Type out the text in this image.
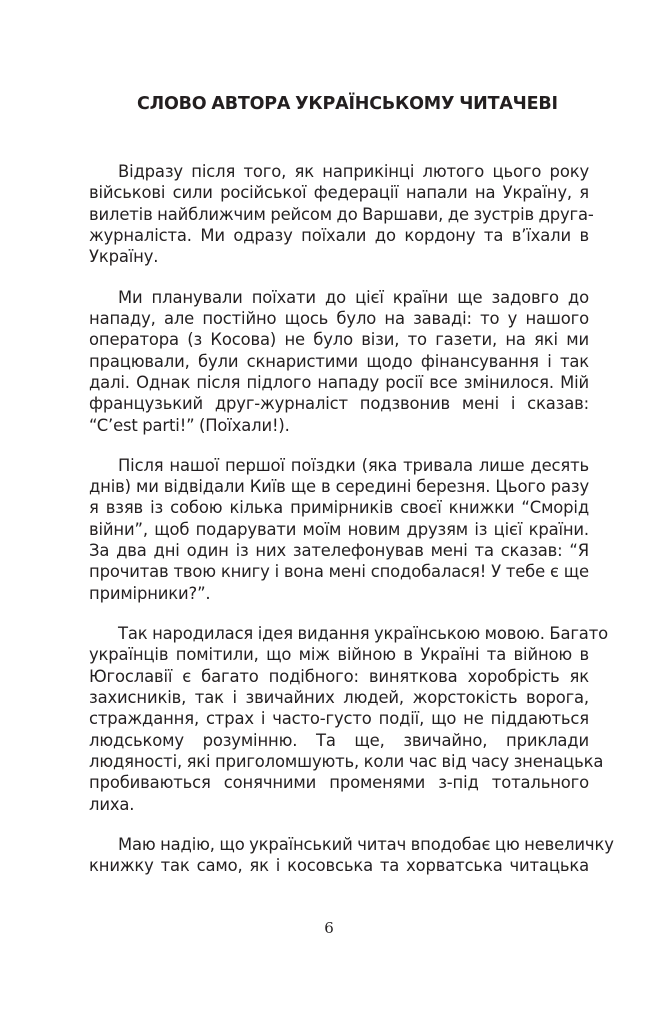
СЛОВО АВТОРА УКРАЇНСЬКОМУ ЧИТАЧЕВІ
Відразу після того, як наприкінці лютого цього року
військові сили російської федерації напали на Україну, я
вилетів найближчим рейсом до Варшави, де зустрів друга-
журналіста. Ми одразу поїхали до кордону та в’їхали в
Україну.
Ми планували поїхати до цієї країни ще задовго до
нападу, але постійно щось було на заваді: то у нашого
оператора (з Косова) не було візи, то газети, на які ми
працювали, були скнаристими щодо фінансування і так
далі. Однак після підлого нападу росії все змінилося. Мій
французький друг-журналіст подзвонив мені і сказав:
“C’est parti!” (Поїхали!).
Після нашої першої поїздки (яка тривала лише десять
днів) ми відвідали Київ ще в середині березня. Цього разу
я взяв із собою кілька примірників своєї книжки “Сморід
війни”, щоб подарувати моїм новим друзям із цієї країни.
За два дні один із них зателефонував мені та сказав: “Я
прочитав твою книгу і вона мені сподобалася! У тебе є ще
примірники?”.
Так народилася ідея видання українською мовою. Багато
українців помітили, що між війною в Україні та війною в
Югославії є багато подібного: виняткова хоробрість як
захисників, так і звичайних людей, жорстокість ворога,
страждання, страх і часто-густо події, що не піддаються
людському розумінню. Та ще, звичайно, приклади
людяності, які приголомшують, коли час від часу зненацька
пробиваються сонячними променями з-під тотального
лиха.
Маю надію, що український читач вподобає цю невеличку
книжку так само, як і косовська та хорватська читацька
6
